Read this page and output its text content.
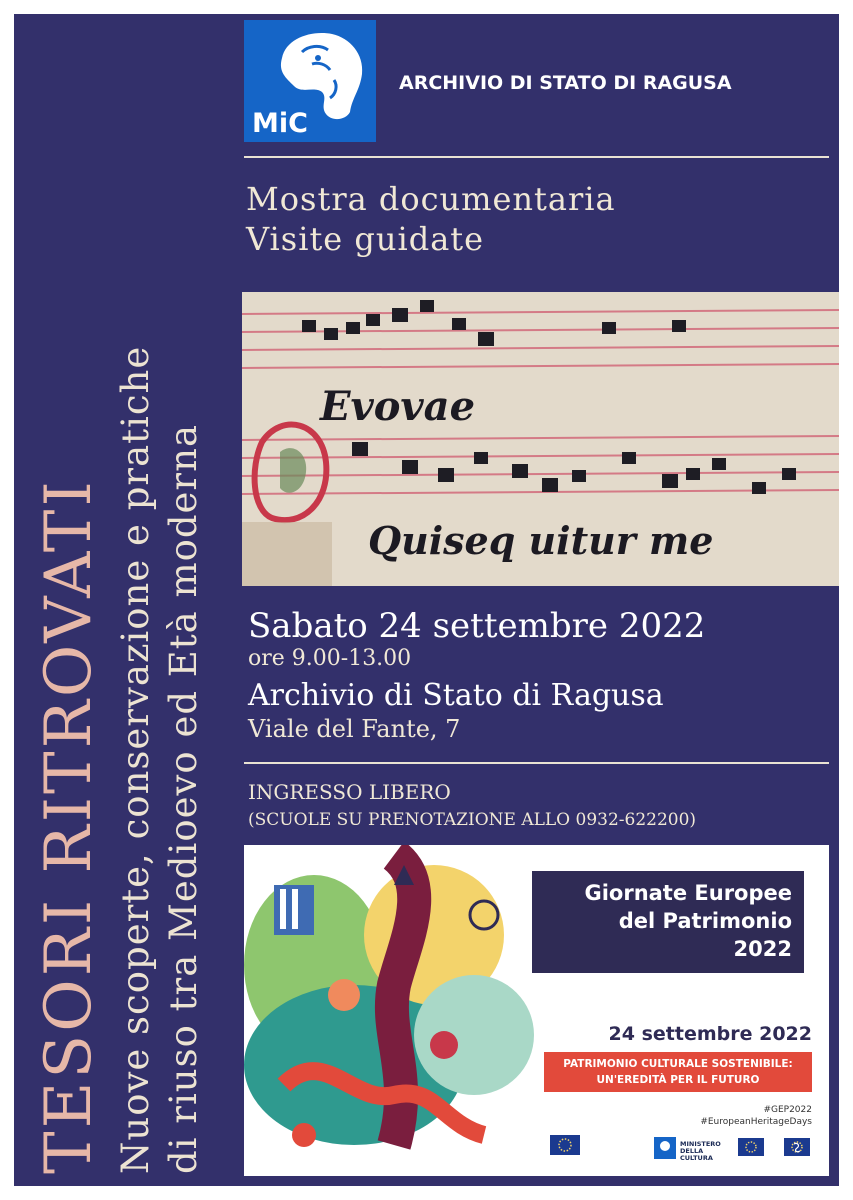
TESORI RITROVATI Nuove scoperte, conservazione e pratiche di riuso tra Medioevo ed Età moderna
MiC
ARCHIVIO DI STATO DI RAGUSA
Mostra documentaria
Visite guidate
Evovae
Quiseq uitur me
Sabato 24 settembre 2022
ore 9.00-13.00
Archivio di Stato di Ragusa
Viale del Fante, 7
INGRESSO LIBERO
(SCUOLE SU PRENOTAZIONE ALLO 0932-622200)
Giornate Europee
del Patrimonio
2022
24 settembre 2022
PATRIMONIO CULTURALE SOSTENIBILE:
UN'EREDITÀ PER IL FUTURO
#GEP2022
#EuropeanHeritageDays
MINISTERO
DELLA
CULTURA
